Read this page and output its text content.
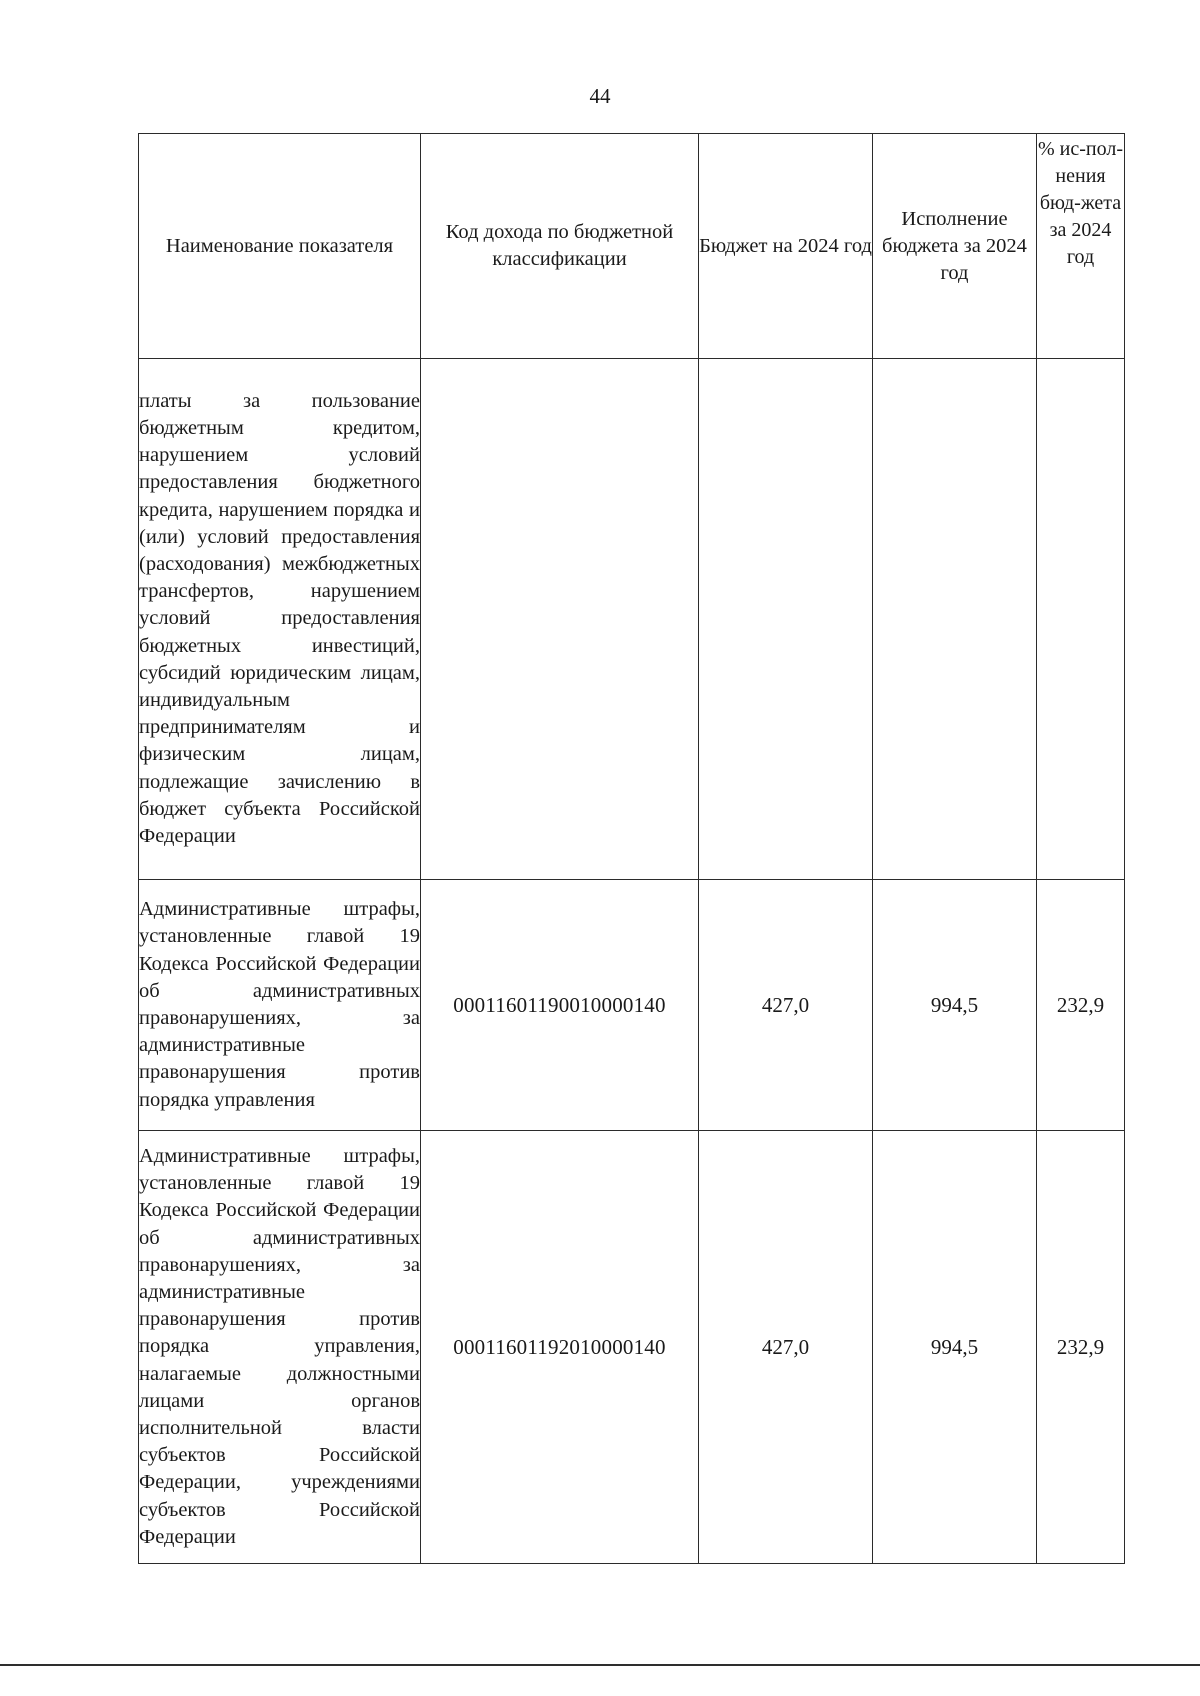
44
Наименование показателя	Код дохода по бюджетной классификации	Бюджет на 2024 год	Исполнение бюджета за 2024 год	% ис-пол-нения бюд-жета за 2024 год
платы за пользование бюджетным кредитом, нарушением условий предоставления бюджетного кредита, нарушением порядка и (или) условий предоставления (расходования) межбюджетных трансфертов, нарушением условий предоставления бюджетных инвестиций, субсидий юридическим лицам, индивидуальным предпринимателям и физическим лицам, подлежащие зачислению в бюджет субъекта Российской Федерации				
Административные штрафы, установленные главой 19 Кодекса Российской Федерации об административных правонарушениях, за административные правонарушения против порядка управления	00011601190010000140	427,0	994,5	232,9
Административные штрафы, установленные главой 19 Кодекса Российской Федерации об административных правонарушениях, за административные правонарушения против порядка управления, налагаемые должностными лицами органов исполнительной власти субъектов Российской Федерации, учреждениями субъектов Российской Федерации	00011601192010000140	427,0	994,5	232,9
